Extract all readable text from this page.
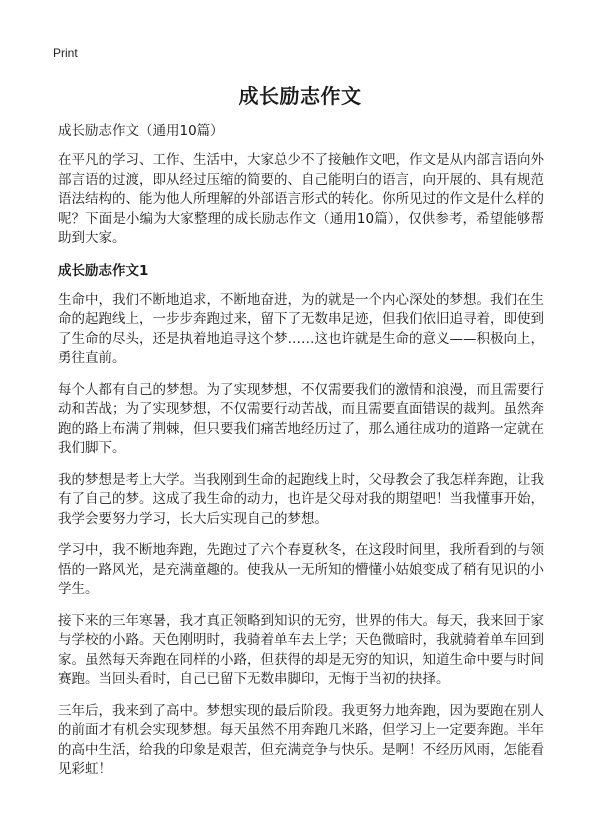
Print
成长励志作文

成长励志作文（通用10篇）

在平凡的学习、工作、生活中，大家总少不了接触作文吧，作文是从内部言语向外部言语的过渡，即从经过压缩的简要的、自己能明白的语言，向开展的、具有规范语法结构的、能为他人所理解的外部语言形式的转化。你所见过的作文是什么样的呢？下面是小编为大家整理的成长励志作文（通用10篇），仅供参考，希望能够帮助到大家。

成长励志作文1

生命中，我们不断地追求，不断地奋进，为的就是一个内心深处的梦想。我们在生命的起跑线上，一步步奔跑过来，留下了无数串足迹，但我们依旧追寻着，即使到了生命的尽头，还是执着地追寻这个梦……这也许就是生命的意义——积极向上，勇往直前。

每个人都有自己的梦想。为了实现梦想，不仅需要我们的激情和浪漫，而且需要行动和苦战；为了实现梦想，不仅需要行动苦战，而且需要直面错误的裁判。虽然奔跑的路上布满了荆棘，但只要我们痛苦地经历过了，那么通往成功的道路一定就在我们脚下。

我的梦想是考上大学。当我刚到生命的起跑线上时，父母教会了我怎样奔跑，让我有了自己的梦。这成了我生命的动力，也许是父母对我的期望吧！当我懂事开始，我学会要努力学习，长大后实现自己的梦想。

学习中，我不断地奔跑，先跑过了六个春夏秋冬，在这段时间里，我所看到的与领悟的一路风光，是充满童趣的。使我从一无所知的懵懂小姑娘变成了稍有见识的小学生。

接下来的三年寒暑，我才真正领略到知识的无穷，世界的伟大。每天，我来回于家与学校的小路。天色刚明时，我骑着单车去上学；天色微暗时，我就骑着单车回到家。虽然每天奔跑在同样的小路，但获得的却是无穷的知识，知道生命中要与时间赛跑。当回头看时，自己已留下无数串脚印，无悔于当初的抉择。

三年后，我来到了高中。梦想实现的最后阶段。我更努力地奔跑，因为要跑在别人的前面才有机会实现梦想。每天虽然不用奔跑几米路，但学习上一定要奔跑。半年的高中生活，给我的印象是艰苦，但充满竞争与快乐。是啊！不经历风雨，怎能看见彩虹！
